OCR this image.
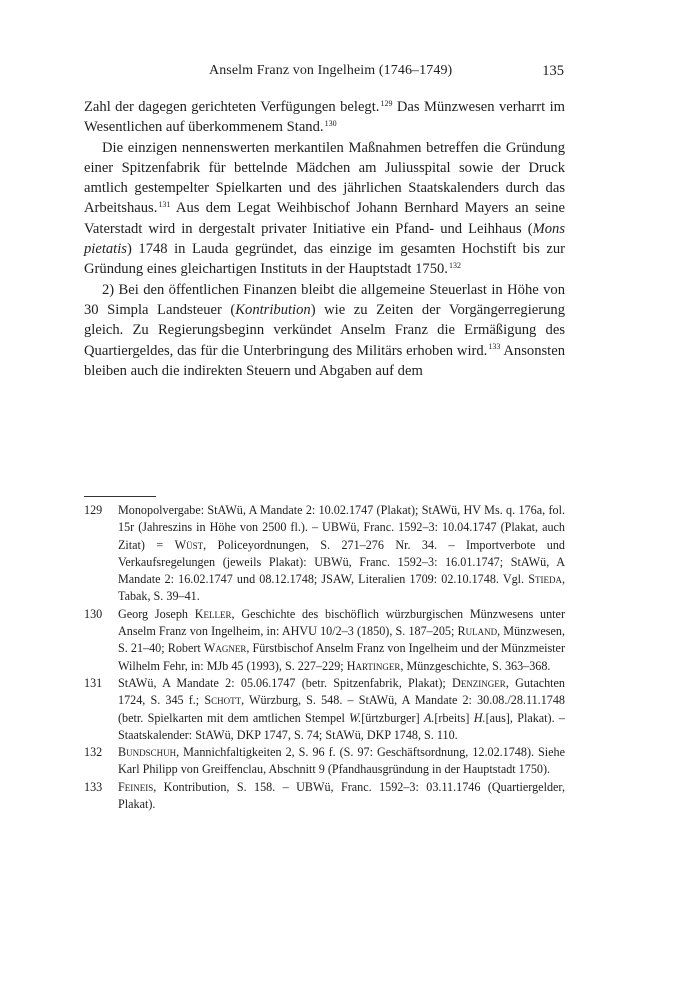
Anselm Franz von Ingelheim (1746–1749)	135

Zahl der dagegen gerichteten Verfügungen belegt.$^{129}$ Das Münzwesen verharrt im Wesentlichen auf überkommenem Stand.$^{130}$

Die einzigen nennenswerten merkantilen Maßnahmen betreffen die Gründung einer Spitzenfabrik für bettelnde Mädchen am Juliusspital sowie der Druck amtlich gestempelter Spielkarten und des jährlichen Staatskalenders durch das Arbeitshaus.$^{131}$ Aus dem Legat Weihbischof Johann Bernhard Mayers an seine Vaterstadt wird in dergestalt privater Initiative ein Pfand- und Leihhaus (Mons pietatis) 1748 in Lauda gegründet, das einzige im gesamten Hochstift bis zur Gründung eines gleichartigen Instituts in der Hauptstadt 1750.$^{132}$

2) Bei den öffentlichen Finanzen bleibt die allgemeine Steuerlast in Höhe von 30 Simpla Landsteuer (Kontribution) wie zu Zeiten der Vorgängerregierung gleich. Zu Regierungsbeginn verkündet Anselm Franz die Ermäßigung des Quartiergeldes, das für die Unterbringung des Militärs erhoben wird.$^{133}$ Ansonsten bleiben auch die indirekten Steuern und Abgaben auf dem

129 Monopolvergabe: StAWü, A Mandate 2: 10.02.1747 (Plakat); StAWü, HV Ms. q. 176a, fol. 15r (Jahreszins in Höhe von 2500 fl.). – UBWü, Franc. 1592–3: 10.04.1747 (Plakat, auch Zitat) = Wüst, Policeyordnungen, S. 271–276 Nr. 34. – Importverbote und Verkaufsregelungen (jeweils Plakat): UBWü, Franc. 1592–3: 16.01.1747; StAWü, A Mandate 2: 16.02.1747 und 08.12.1748; JSAW, Literalien 1709: 02.10.1748. Vgl. Stieda, Tabak, S. 39–41.
130 Georg Joseph Keller, Geschichte des bischöflich würzburgischen Münzwesens unter Anselm Franz von Ingelheim, in: AHVU 10/2–3 (1850), S. 187–205; Ruland, Münzwesen, S. 21–40; Robert Wagner, Fürstbischof Anselm Franz von Ingelheim und der Münzmeister Wilhelm Fehr, in: MJb 45 (1993), S. 227–229; Hartinger, Münzgeschichte, S. 363–368.
131 StAWü, A Mandate 2: 05.06.1747 (betr. Spitzenfabrik, Plakat); Denzinger, Gutachten 1724, S. 345 f.; Schott, Würzburg, S. 548. – StAWü, A Mandate 2: 30.08./28.11.1748 (betr. Spielkarten mit dem amtlichen Stempel W.[ürtzburger] A.[rbeits] H.[aus], Plakat). – Staatskalender: StAWü, DKP 1747, S. 74; StAWü, DKP 1748, S. 110.
132 Bundschuh, Mannichfaltigkeiten 2, S. 96 f. (S. 97: Geschäftsordnung, 12.02.1748). Siehe Karl Philipp von Greiffenclau, Abschnitt 9 (Pfandhausgründung in der Hauptstadt 1750).
133 Feineis, Kontribution, S. 158. – UBWü, Franc. 1592–3: 03.11.1746 (Quartiergelder, Plakat).
